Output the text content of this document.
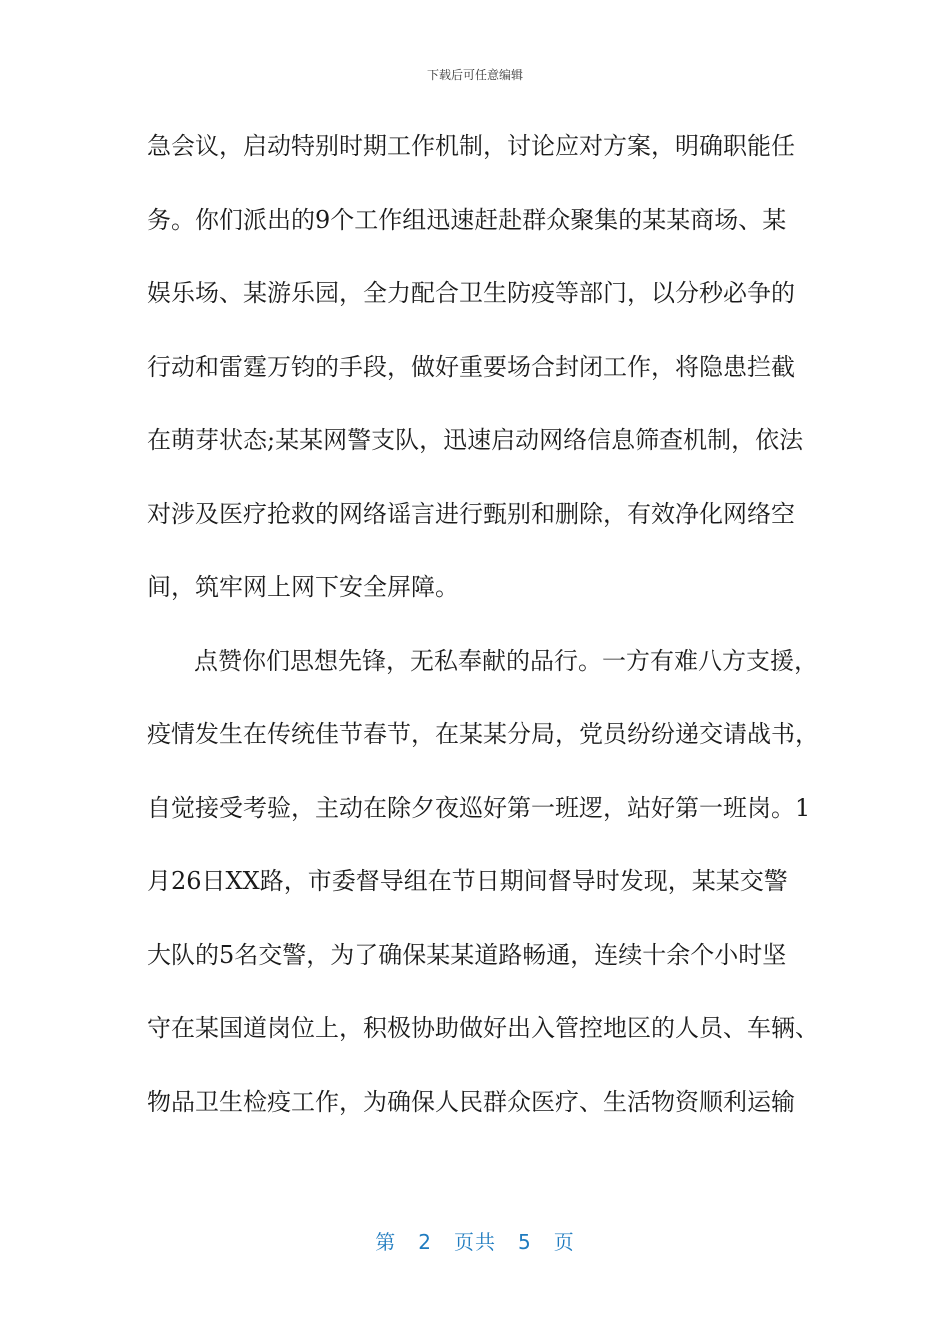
下载后可任意编辑
急会议，启动特别时期工作机制，讨论应对方案，明确职能任
务。你们派出的9个工作组迅速赶赴群众聚集的某某商场、某
娱乐场、某游乐园，全力配合卫生防疫等部门，以分秒必争的
行动和雷霆万钧的手段，做好重要场合封闭工作，将隐患拦截
在萌芽状态;某某网警支队，迅速启动网络信息筛查机制，依法
对涉及医疗抢救的网络谣言进行甄别和删除，有效净化网络空
间，筑牢网上网下安全屏障。
点赞你们思想先锋，无私奉献的品行。一方有难八方支援，
疫情发生在传统佳节春节，在某某分局，党员纷纷递交请战书，
自觉接受考验，主动在除夕夜巡好第一班逻，站好第一班岗。1
月26日XX路，市委督导组在节日期间督导时发现，某某交警
大队的5名交警，为了确保某某道路畅通，连续十余个小时坚
守在某国道岗位上，积极协助做好出入管控地区的人员、车辆、
物品卫生检疫工作，为确保人民群众医疗、生活物资顺利运输
第 2 页共 5 页
